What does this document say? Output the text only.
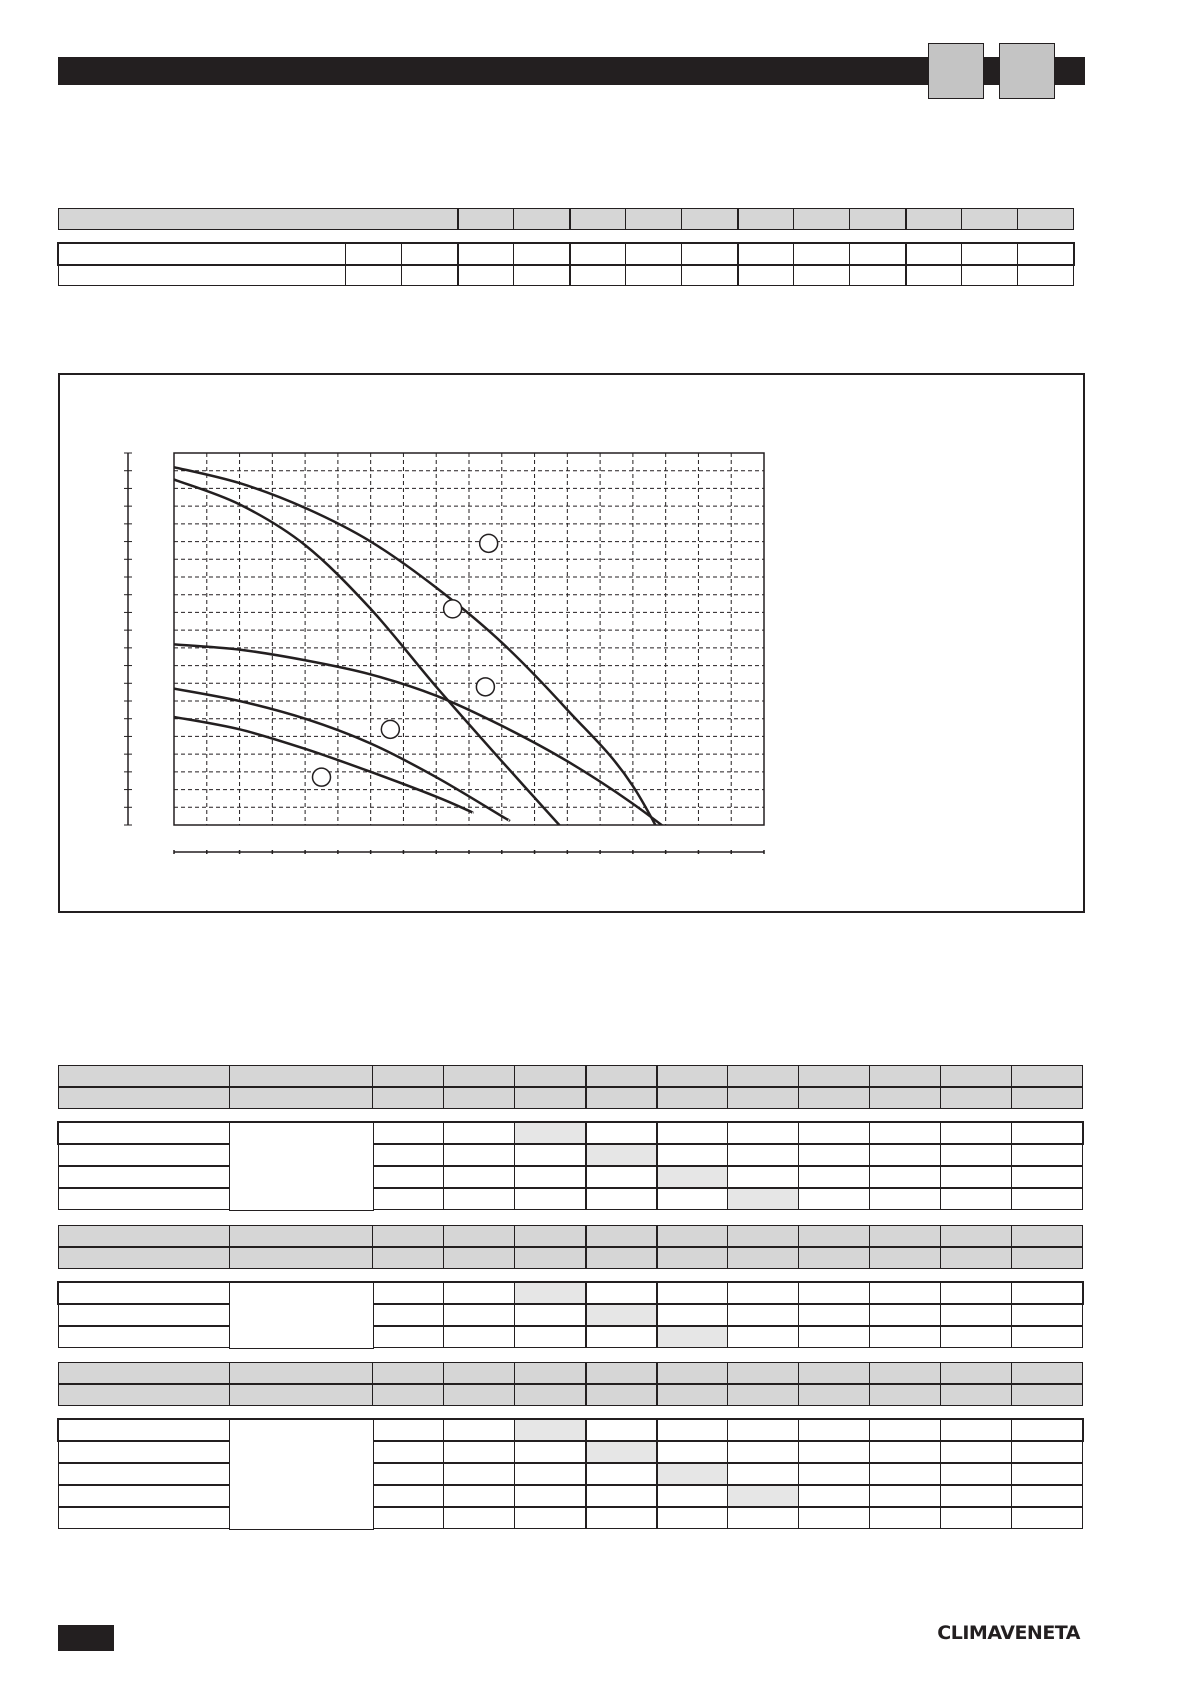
CLIMAVENETA
